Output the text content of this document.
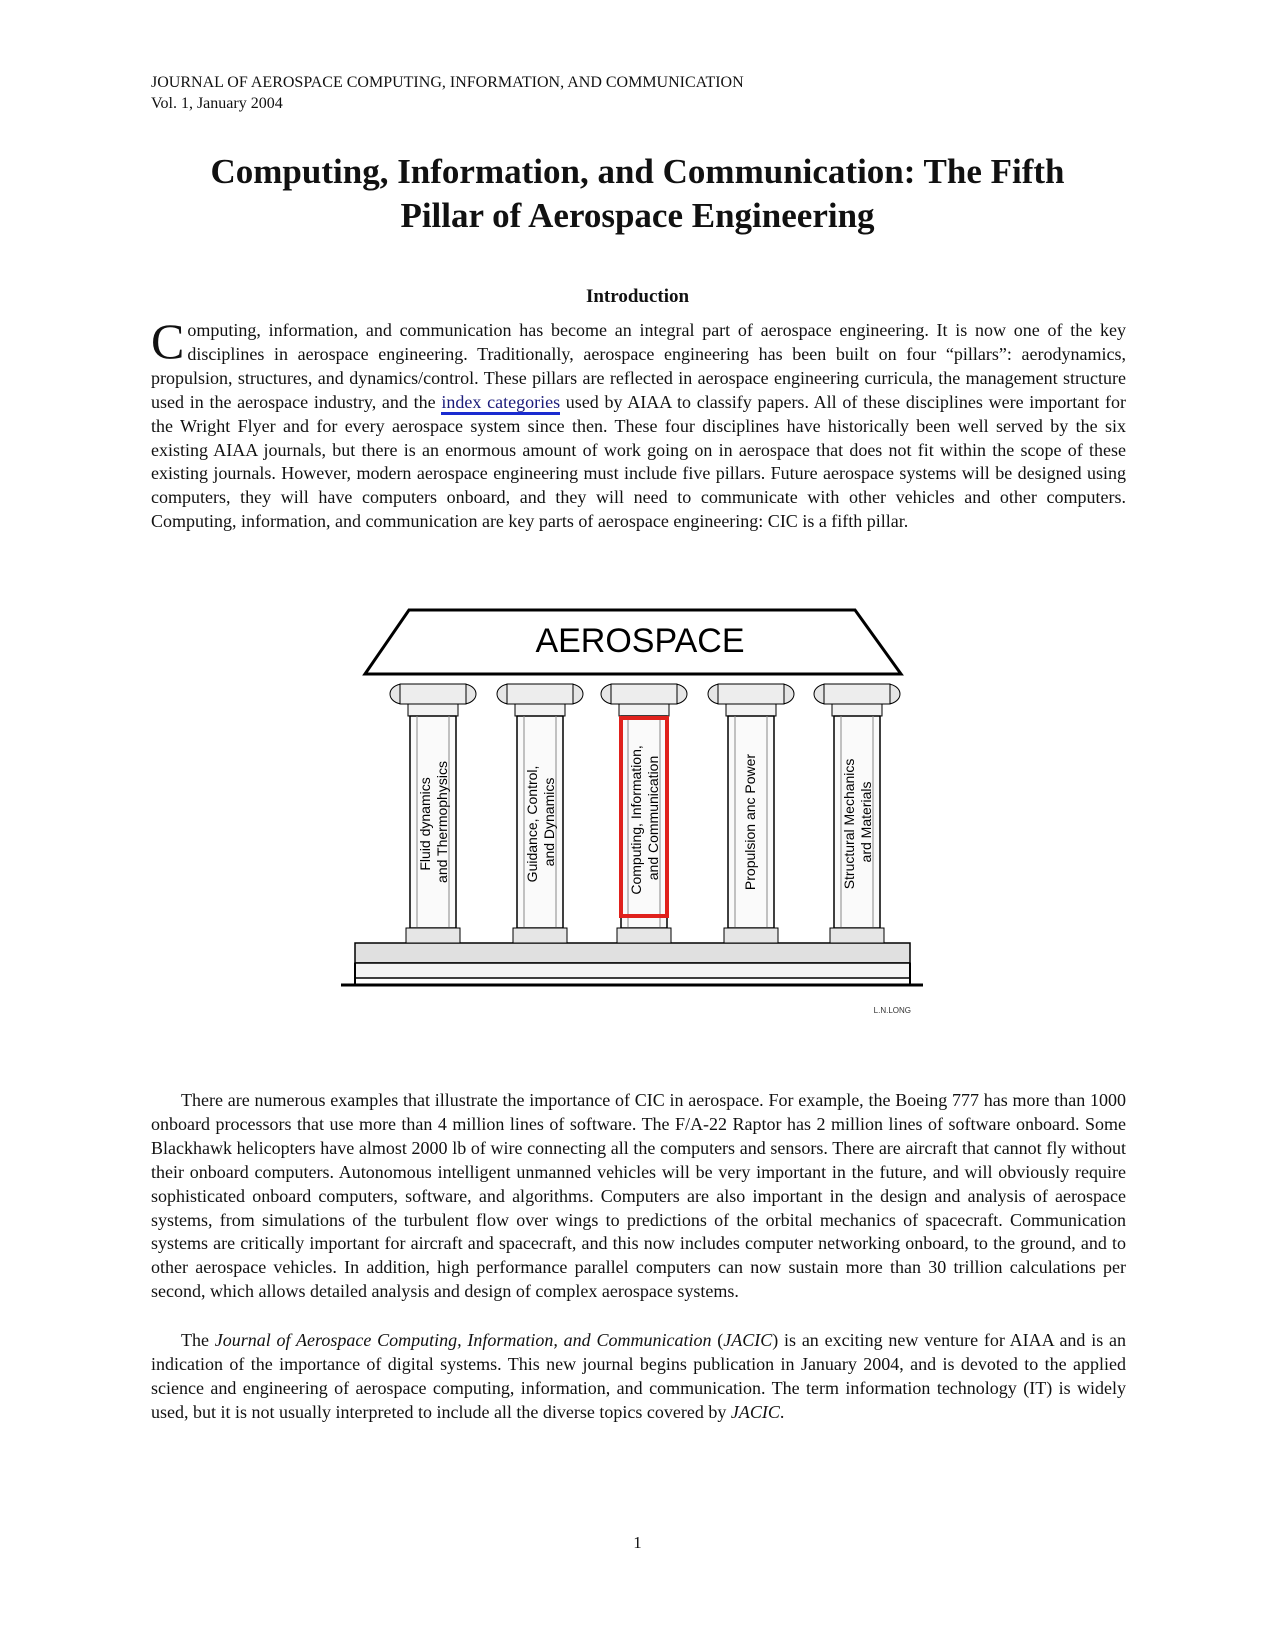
JOURNAL OF AEROSPACE COMPUTING, INFORMATION, AND COMMUNICATION
Vol. 1, January 2004
Computing, Information, and Communication: The Fifth
Pillar of Aerospace Engineering
Introduction

Computing, information, and communication has become an integral part of aerospace engineering. It is now one of the key disciplines in aerospace engineering. Traditionally, aerospace engineering has been built on four “pillars”: aerodynamics, propulsion, structures, and dynamics/control. These pillars are reflected in aerospace engineering curricula, the management structure used in the aerospace industry, and the index categories used by AIAA to classify papers. All of these disciplines were important for the Wright Flyer and for every aerospace system since then. These four disciplines have historically been well served by the six existing AIAA journals, but there is an enormous amount of work going on in aerospace that does not fit within the scope of these existing journals. However, modern aerospace engineering must include five pillars. Future aerospace systems will be designed using computers, they will have computers onboard, and they will need to communicate with other vehicles and other computers. Computing, information, and communication are key parts of aerospace engineering: CIC is a fifth pillar.

AEROSPACE
Fluid dynamics and Thermophysics	Guidance, Control, and Dynamics	Computing, Information, and Communication	Propulsion anc Power	Structural Mechanics ard Materials
L.N.LONG

There are numerous examples that illustrate the importance of CIC in aerospace. For example, the Boeing 777 has more than 1000 onboard processors that use more than 4 million lines of software. The F/A-22 Raptor has 2 million lines of software onboard. Some Blackhawk helicopters have almost 2000 lb of wire connecting all the computers and sensors. There are aircraft that cannot fly without their onboard computers. Autonomous intelligent unmanned vehicles will be very important in the future, and will obviously require sophisticated onboard computers, software, and algorithms. Computers are also important in the design and analysis of aerospace systems, from simulations of the turbulent flow over wings to predictions of the orbital mechanics of spacecraft. Communication systems are critically important for aircraft and spacecraft, and this now includes computer networking onboard, to the ground, and to other aerospace vehicles. In addition, high performance parallel computers can now sustain more than 30 trillion calculations per second, which allows detailed analysis and design of complex aerospace systems.

The Journal of Aerospace Computing, Information, and Communication (JACIC) is an exciting new venture for AIAA and is an indication of the importance of digital systems. This new journal begins publication in January 2004, and is devoted to the applied science and engineering of aerospace computing, information, and communication. The term information technology (IT) is widely used, but it is not usually interpreted to include all the diverse topics covered by JACIC.

1
